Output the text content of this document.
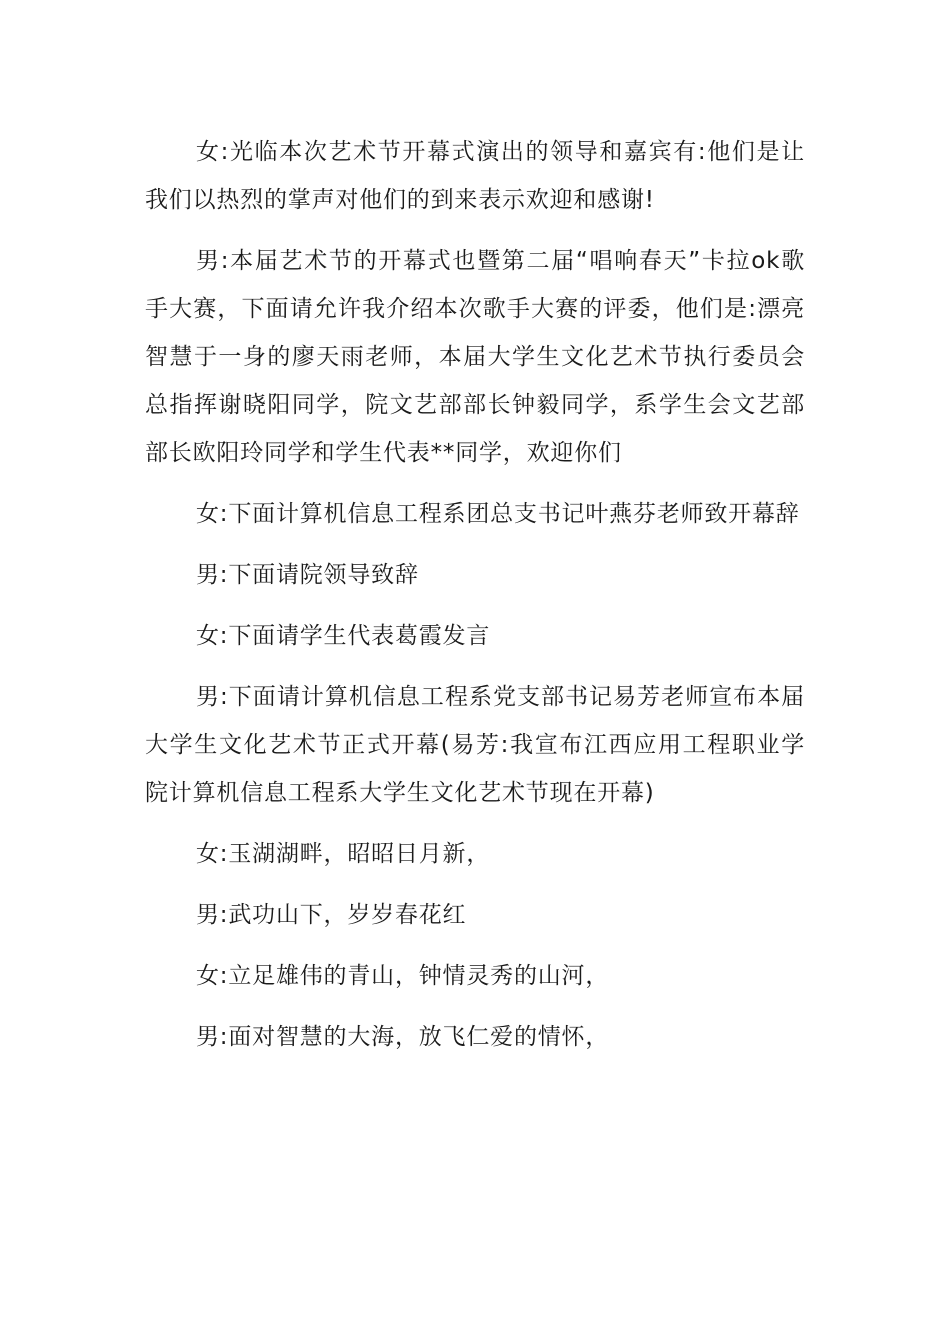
女:光临本次艺术节开幕式演出的领导和嘉宾有:他们是让我们以热烈的掌声对他们的到来表示欢迎和感谢!

男:本届艺术节的开幕式也暨第二届“唱响春天”卡拉ok歌手大赛，下面请允许我介绍本次歌手大赛的评委，他们是:漂亮智慧于一身的廖天雨老师，本届大学生文化艺术节执行委员会总指挥谢晓阳同学，院文艺部部长钟毅同学，系学生会文艺部部长欧阳玲同学和学生代表**同学，欢迎你们

女:下面计算机信息工程系团总支书记叶燕芬老师致开幕辞

男:下面请院领导致辞

女:下面请学生代表葛霞发言

男:下面请计算机信息工程系党支部书记易芳老师宣布本届大学生文化艺术节正式开幕(易芳:我宣布江西应用工程职业学院计算机信息工程系大学生文化艺术节现在开幕)

女:玉湖湖畔，昭昭日月新，

男:武功山下，岁岁春花红

女:立足雄伟的青山，钟情灵秀的山河，

男:面对智慧的大海，放飞仁爱的情怀，
